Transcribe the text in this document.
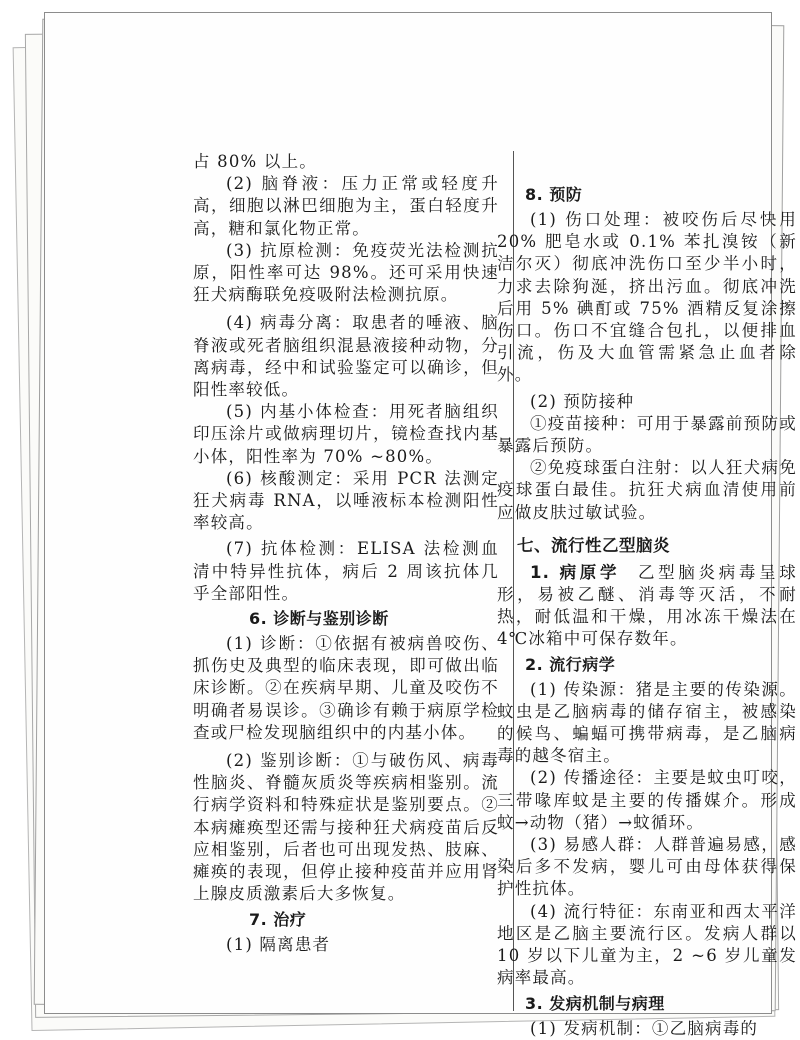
占 80% 以上。

(2) 脑脊液：压力正常或轻度升高，细胞以淋巴细胞为主，蛋白轻度升高，糖和氯化物正常。

(3) 抗原检测：免疫荧光法检测抗原，阳性率可达 98%。还可采用快速狂犬病酶联免疫吸附法检测抗原。

(4) 病毒分离：取患者的唾液、脑脊液或死者脑组织混悬液接种动物，分离病毒，经中和试验鉴定可以确诊，但阳性率较低。

(5) 内基小体检查：用死者脑组织印压涂片或做病理切片，镜检查找内基小体，阳性率为 70% ~80%。

(6) 核酸测定：采用 PCR 法测定狂犬病毒 RNA，以唾液标本检测阳性率较高。

(7) 抗体检测：ELISA 法检测血清中特异性抗体，病后 2 周该抗体几乎全部阳性。

6. 诊断与鉴别诊断

(1) 诊断：①依据有被病兽咬伤、抓伤史及典型的临床表现，即可做出临床诊断。②在疾病早期、儿童及咬伤不明确者易误诊。③确诊有赖于病原学检查或尸检发现脑组织中的内基小体。

(2) 鉴别诊断：①与破伤风、病毒性脑炎、脊髓灰质炎等疾病相鉴别。流行病学资料和特殊症状是鉴别要点。②本病瘫痪型还需与接种狂犬病疫苗后反应相鉴别，后者也可出现发热、肢麻、瘫痪的表现，但停止接种疫苗并应用肾上腺皮质激素后大多恢复。

7. 治疗

(1) 隔离患者

8. 预防

(1) 伤口处理：被咬伤后尽快用 20% 肥皂水或 0.1% 苯扎溴铵（新洁尔灭）彻底冲洗伤口至少半小时，力求去除狗涎，挤出污血。彻底冲洗后用 5% 碘酊或 75% 酒精反复涂擦伤口。伤口不宜缝合包扎，以便排血引流，伤及大血管需紧急止血者除外。

(2) 预防接种

①疫苗接种：可用于暴露前预防或暴露后预防。

②免疫球蛋白注射：以人狂犬病免疫球蛋白最佳。抗狂犬病血清使用前应做皮肤过敏试验。

七、流行性乙型脑炎

1. 病原学 乙型脑炎病毒呈球形，易被乙醚、消毒等灭活，不耐热，耐低温和干燥，用冰冻干燥法在 4℃冰箱中可保存数年。

2. 流行病学

(1) 传染源：猪是主要的传染源。蚊虫是乙脑病毒的储存宿主，被感染的候鸟、蝙蝠可携带病毒，是乙脑病毒的越冬宿主。

(2) 传播途径：主要是蚊虫叮咬，三带喙库蚊是主要的传播媒介。形成蚊→动物（猪）→蚊循环。

(3) 易感人群：人群普遍易感，感染后多不发病，婴儿可由母体获得保护性抗体。

(4) 流行特征：东南亚和西太平洋地区是乙脑主要流行区。发病人群以 10 岁以下儿童为主，2 ~6 岁儿童发病率最高。

3. 发病机制与病理

(1) 发病机制：①乙脑病毒的
